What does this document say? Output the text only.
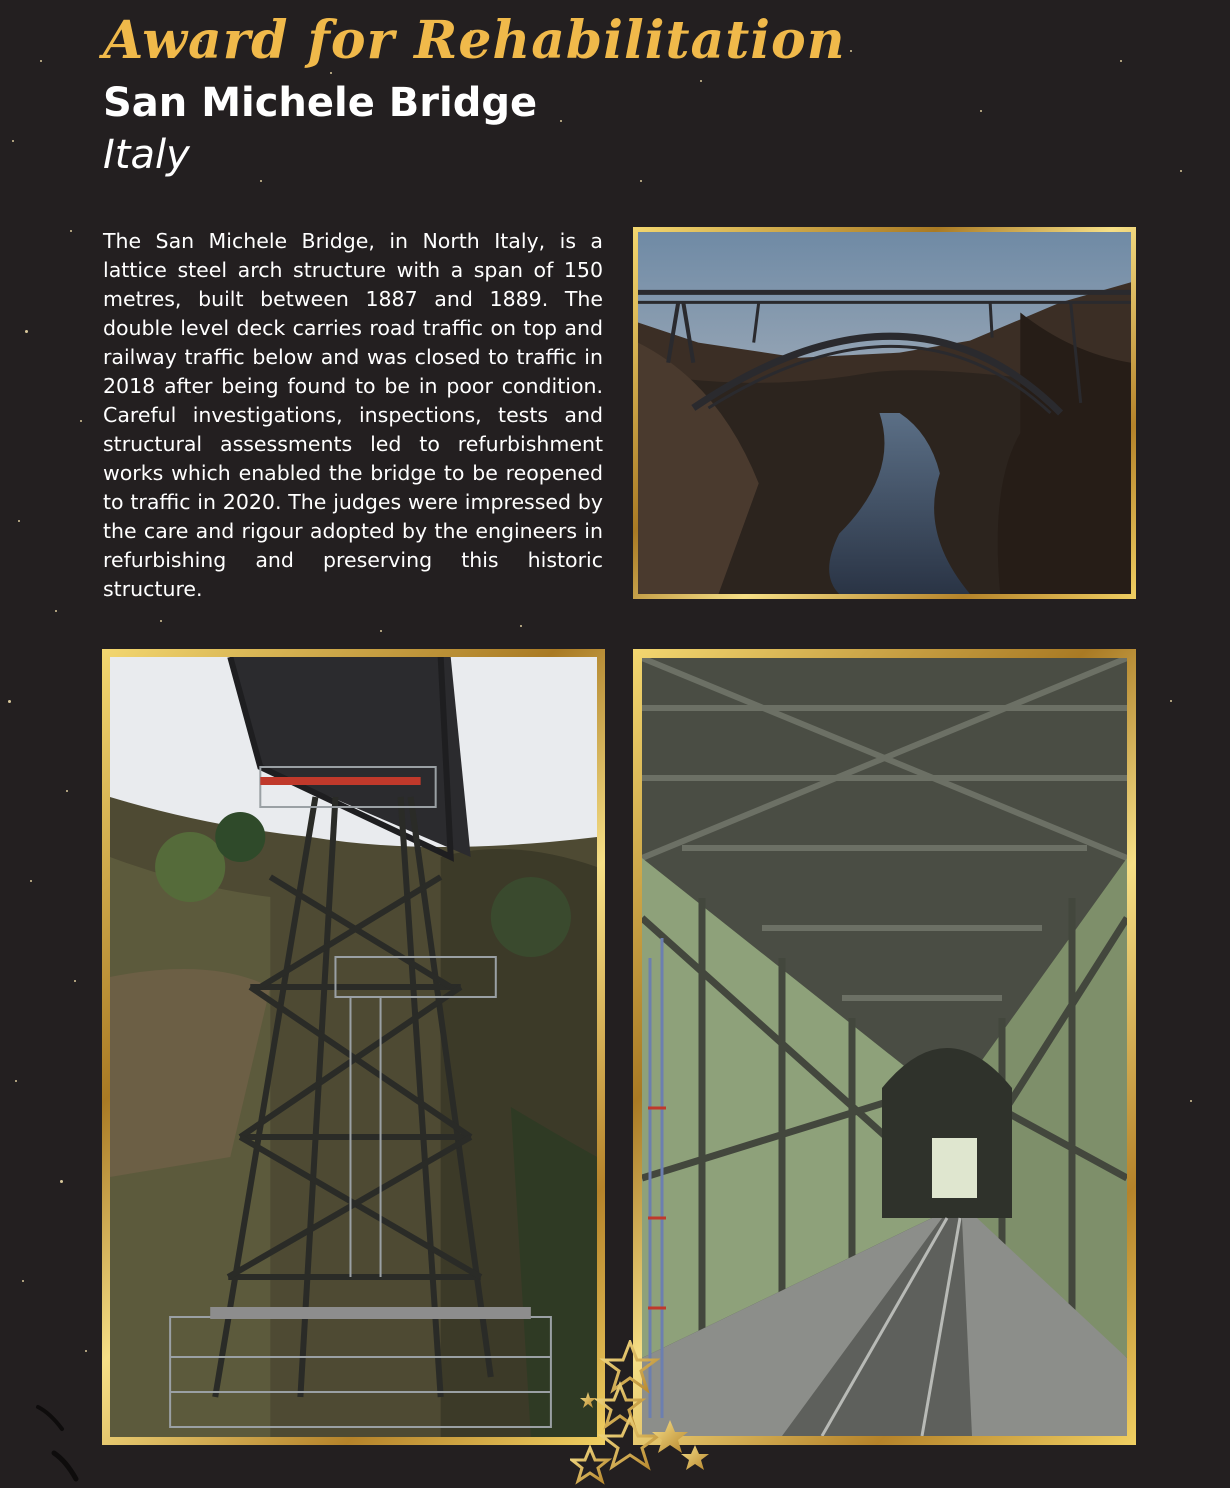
Award for Rehabilitation
San Michele Bridge
Italy

The San Michele Bridge, in North Italy, is a lattice steel arch structure with a span of 150 metres, built between 1887 and 1889. The double level deck carries road traffic on top and railway traffic below and was closed to traffic in 2018 after being found to be in poor condition. Careful investigations, inspections, tests and structural assessments led to refurbishment works which enabled the bridge to be reopened to traffic in 2020. The judges were impressed by the care and rigour adopted by the engineers in refurbishing and preserving this historic structure.
